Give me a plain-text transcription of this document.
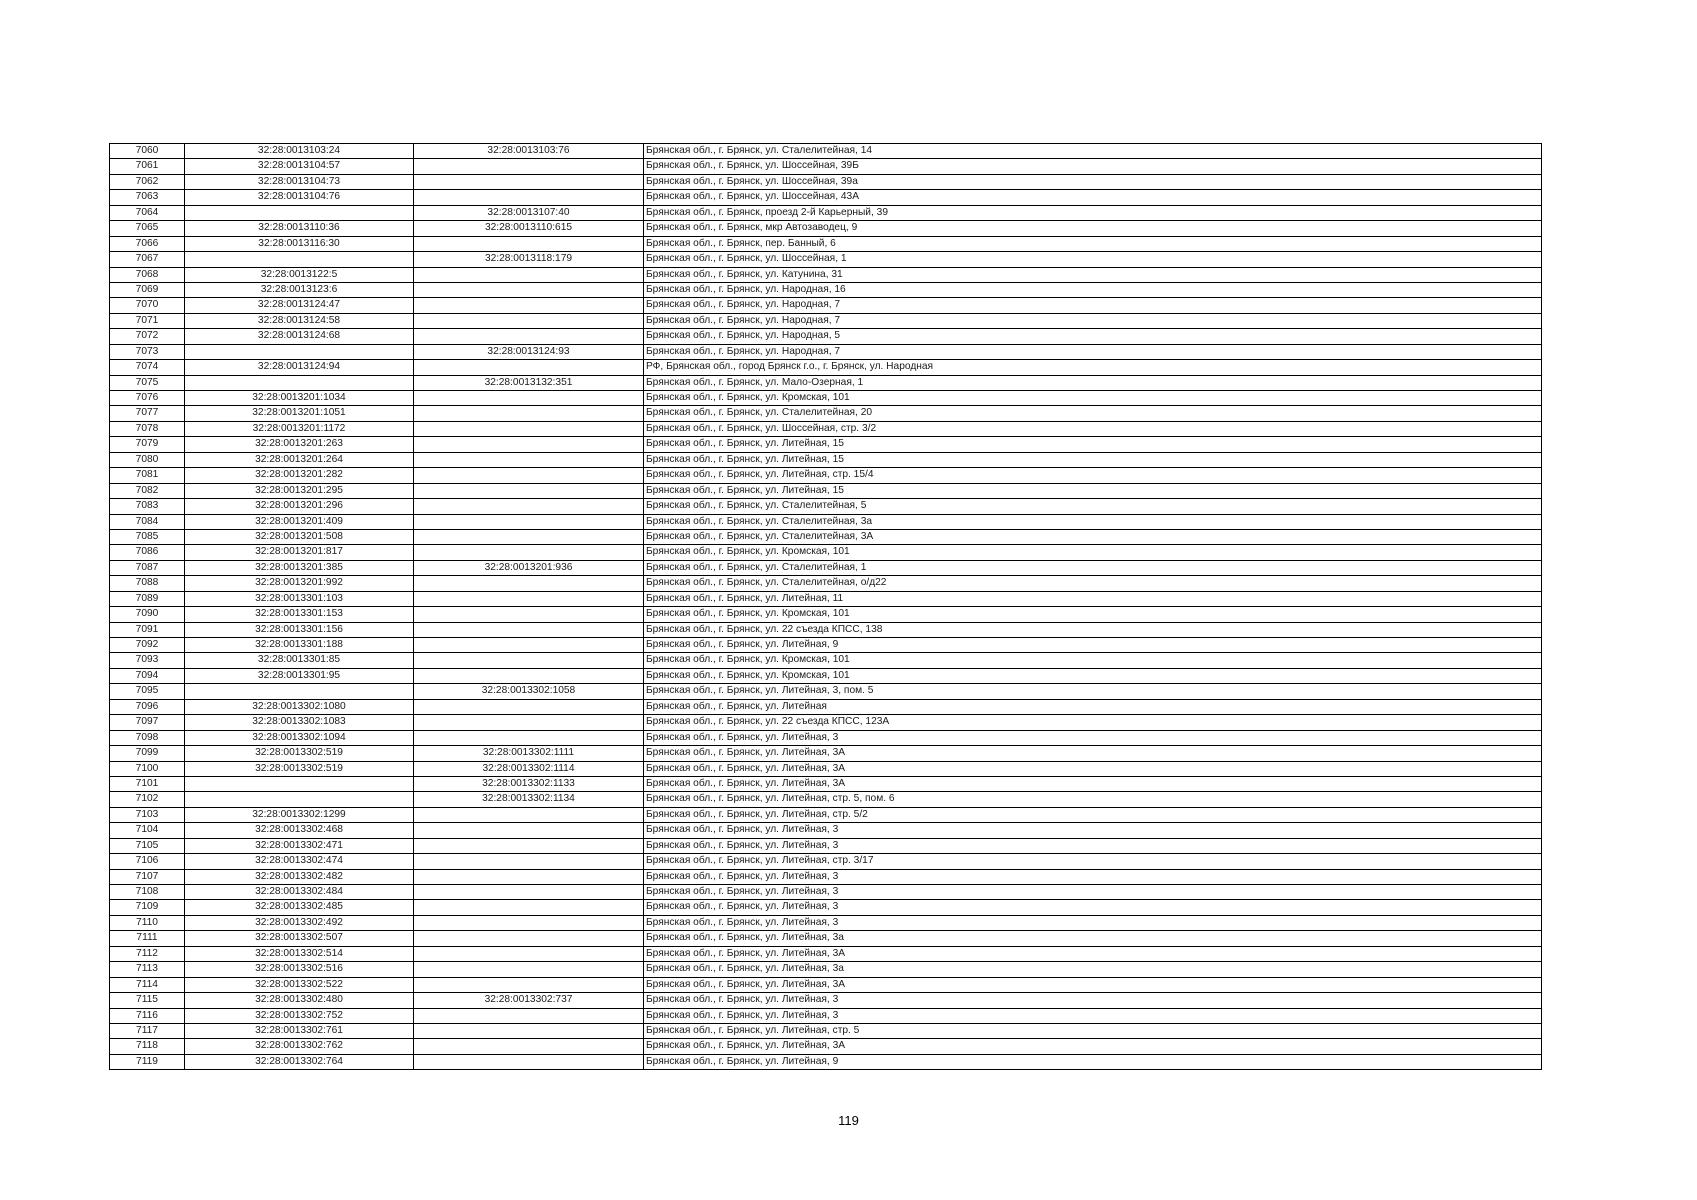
7060	32:28:0013103:24	32:28:0013103:76	Брянская обл., г. Брянск, ул. Сталелитейная, 14
7061	32:28:0013104:57		Брянская обл., г. Брянск, ул. Шоссейная, 39Б
7062	32:28:0013104:73		Брянская обл., г. Брянск, ул. Шоссейная, 39а
7063	32:28:0013104:76		Брянская обл., г. Брянск, ул. Шоссейная, 43А
7064		32:28:0013107:40	Брянская обл., г. Брянск, проезд 2-й Карьерный, 39
7065	32:28:0013110:36	32:28:0013110:615	Брянская обл., г. Брянск, мкр Автозаводец, 9
7066	32:28:0013116:30		Брянская обл., г. Брянск, пер. Банный, 6
7067		32:28:0013118:179	Брянская обл., г. Брянск, ул. Шоссейная, 1
7068	32:28:0013122:5		Брянская обл., г. Брянск, ул. Катунина, 31
7069	32:28:0013123:6		Брянская обл., г. Брянск, ул. Народная, 16
7070	32:28:0013124:47		Брянская обл., г. Брянск, ул. Народная, 7
7071	32:28:0013124:58		Брянская обл., г. Брянск, ул. Народная, 7
7072	32:28:0013124:68		Брянская обл., г. Брянск, ул. Народная, 5
7073		32:28:0013124:93	Брянская обл., г. Брянск, ул. Народная, 7
7074	32:28:0013124:94		РФ, Брянская обл., город Брянск г.о., г. Брянск, ул. Народная
7075		32:28:0013132:351	Брянская обл., г. Брянск, ул. Мало-Озерная, 1
7076	32:28:0013201:1034		Брянская обл., г. Брянск, ул. Кромская, 101
7077	32:28:0013201:1051		Брянская обл., г. Брянск, ул. Сталелитейная, 20
7078	32:28:0013201:1172		Брянская обл., г. Брянск, ул. Шоссейная, стр. 3/2
7079	32:28:0013201:263		Брянская обл., г. Брянск, ул. Литейная, 15
7080	32:28:0013201:264		Брянская обл., г. Брянск, ул. Литейная, 15
7081	32:28:0013201:282		Брянская обл., г. Брянск, ул. Литейная, стр. 15/4
7082	32:28:0013201:295		Брянская обл., г. Брянск, ул. Литейная, 15
7083	32:28:0013201:296		Брянская обл., г. Брянск, ул. Сталелитейная, 5
7084	32:28:0013201:409		Брянская обл., г. Брянск, ул. Сталелитейная, 3а
7085	32:28:0013201:508		Брянская обл., г. Брянск, ул. Сталелитейная, 3А
7086	32:28:0013201:817		Брянская обл., г. Брянск, ул. Кромская, 101
7087	32:28:0013201:385	32:28:0013201:936	Брянская обл., г. Брянск, ул. Сталелитейная, 1
7088	32:28:0013201:992		Брянская обл., г. Брянск, ул. Сталелитейная, о/д22
7089	32:28:0013301:103		Брянская обл., г. Брянск, ул. Литейная, 11
7090	32:28:0013301:153		Брянская обл., г. Брянск, ул. Кромская, 101
7091	32:28:0013301:156		Брянская обл., г. Брянск, ул. 22 съезда КПСС, 138
7092	32:28:0013301:188		Брянская обл., г. Брянск, ул. Литейная, 9
7093	32:28:0013301:85		Брянская обл., г. Брянск, ул. Кромская, 101
7094	32:28:0013301:95		Брянская обл., г. Брянск, ул. Кромская, 101
7095		32:28:0013302:1058	Брянская обл., г. Брянск, ул. Литейная, 3, пом. 5
7096	32:28:0013302:1080		Брянская обл., г. Брянск, ул. Литейная
7097	32:28:0013302:1083		Брянская обл., г. Брянск, ул. 22 съезда КПСС, 123А
7098	32:28:0013302:1094		Брянская обл., г. Брянск, ул. Литейная, 3
7099	32:28:0013302:519	32:28:0013302:1111	Брянская обл., г. Брянск, ул. Литейная, 3А
7100	32:28:0013302:519	32:28:0013302:1114	Брянская обл., г. Брянск, ул. Литейная, 3А
7101		32:28:0013302:1133	Брянская обл., г. Брянск, ул. Литейная, 3А
7102		32:28:0013302:1134	Брянская обл., г. Брянск, ул. Литейная, стр. 5, пом. 6
7103	32:28:0013302:1299		Брянская обл., г. Брянск, ул. Литейная, стр. 5/2
7104	32:28:0013302:468		Брянская обл., г. Брянск, ул. Литейная, 3
7105	32:28:0013302:471		Брянская обл., г. Брянск, ул. Литейная, 3
7106	32:28:0013302:474		Брянская обл., г. Брянск, ул. Литейная, стр. 3/17
7107	32:28:0013302:482		Брянская обл., г. Брянск, ул. Литейная, 3
7108	32:28:0013302:484		Брянская обл., г. Брянск, ул. Литейная, 3
7109	32:28:0013302:485		Брянская обл., г. Брянск, ул. Литейная, 3
7110	32:28:0013302:492		Брянская обл., г. Брянск, ул. Литейная, 3
7111	32:28:0013302:507		Брянская обл., г. Брянск, ул. Литейная, 3а
7112	32:28:0013302:514		Брянская обл., г. Брянск, ул. Литейная, 3А
7113	32:28:0013302:516		Брянская обл., г. Брянск, ул. Литейная, 3а
7114	32:28:0013302:522		Брянская обл., г. Брянск, ул. Литейная, 3А
7115	32:28:0013302:480	32:28:0013302:737	Брянская обл., г. Брянск, ул. Литейная, 3
7116	32:28:0013302:752		Брянская обл., г. Брянск, ул. Литейная, 3
7117	32:28:0013302:761		Брянская обл., г. Брянск, ул. Литейная, стр. 5
7118	32:28:0013302:762		Брянская обл., г. Брянск, ул. Литейная, 3А
7119	32:28:0013302:764		Брянская обл., г. Брянск, ул. Литейная, 9
119
